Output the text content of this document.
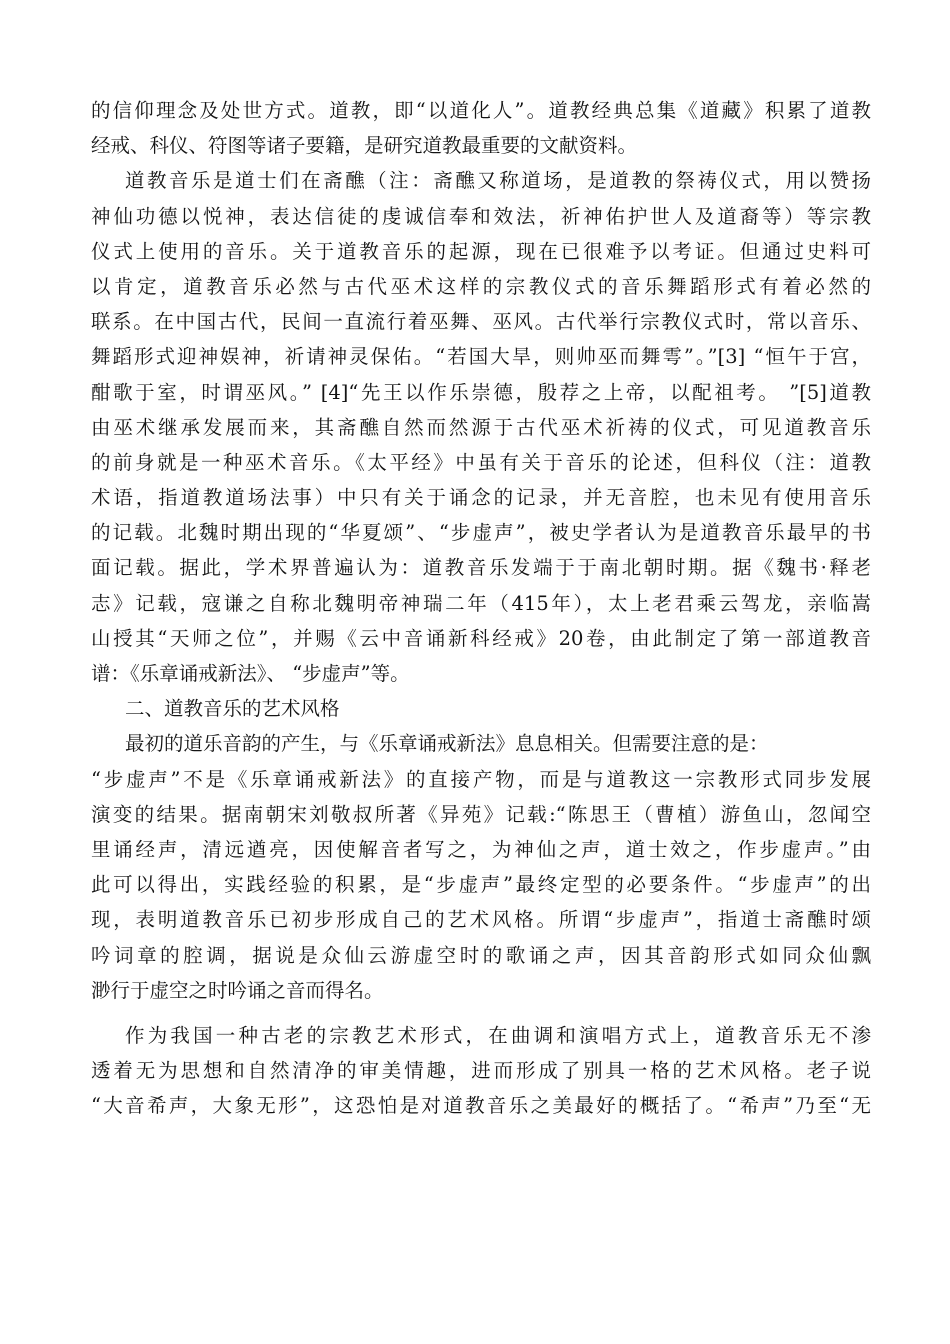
的信仰理念及处世方式。道教，即“以道化人”。道教经典总集《道藏》积累了道教
经戒、科仪、符图等诸子要籍，是研究道教最重要的文献资料。
道教音乐是道士们在斋醮（注：斋醮又称道场，是道教的祭祷仪式，用以赞扬
神仙功德以悦神，表达信徒的虔诚信奉和效法，祈神佑护世人及道裔等）等宗教
仪式上使用的音乐。关于道教音乐的起源，现在已很难予以考证。但通过史料可
以肯定，道教音乐必然与古代巫术这样的宗教仪式的音乐舞蹈形式有着必然的
联系。在中国古代，民间一直流行着巫舞、巫风。古代举行宗教仪式时，常以音乐、
舞蹈形式迎神娱神，祈请神灵保佑。“若国大旱，则帅巫而舞雩”。”[3] “恒午于宫，
酣歌于室，时谓巫风。” [4]“先王以作乐崇德，殷荐之上帝，以配祖考。 ”[5]道教
由巫术继承发展而来，其斋醮自然而然源于古代巫术祈祷的仪式，可见道教音乐
的前身就是一种巫术音乐。《太平经》中虽有关于音乐的论述，但科仪（注：道教
术语，指道教道场法事）中只有关于诵念的记录，并无音腔，也未见有使用音乐
的记载。北魏时期出现的“华夏颂”、“步虚声”，被史学者认为是道教音乐最早的书
面记载。据此，学术界普遍认为：道教音乐发端于于南北朝时期。据《魏书·释老
志》记载，寇谦之自称北魏明帝神瑞二年（415年），太上老君乘云驾龙，亲临嵩
山授其“天师之位”，并赐《云中音诵新科经戒》20卷，由此制定了第一部道教音
谱：《乐章诵戒新法》、 “步虚声”等。
二、道教音乐的艺术风格
最初的道乐音韵的产生，与《乐章诵戒新法》息息相关。但需要注意的是：
“步虚声”不是《乐章诵戒新法》的直接产物，而是与道教这一宗教形式同步发展
演变的结果。据南朝宋刘敬叔所著《异苑》记载:“陈思王（曹植）游鱼山，忽闻空
里诵经声，清远遒亮，因使解音者写之，为神仙之声，道士效之，作步虚声。”由
此可以得出，实践经验的积累，是“步虚声”最终定型的必要条件。“步虚声”的出
现，表明道教音乐已初步形成自己的艺术风格。所谓“步虚声”，指道士斋醮时颂
吟词章的腔调，据说是众仙云游虚空时的歌诵之声，因其音韵形式如同众仙飘
渺行于虚空之时吟诵之音而得名。
作为我国一种古老的宗教艺术形式，在曲调和演唱方式上，道教音乐无不渗
透着无为思想和自然清净的审美情趣，进而形成了别具一格的艺术风格。老子说
“大音希声，大象无形”，这恐怕是对道教音乐之美最好的概括了。“希声”乃至“无
